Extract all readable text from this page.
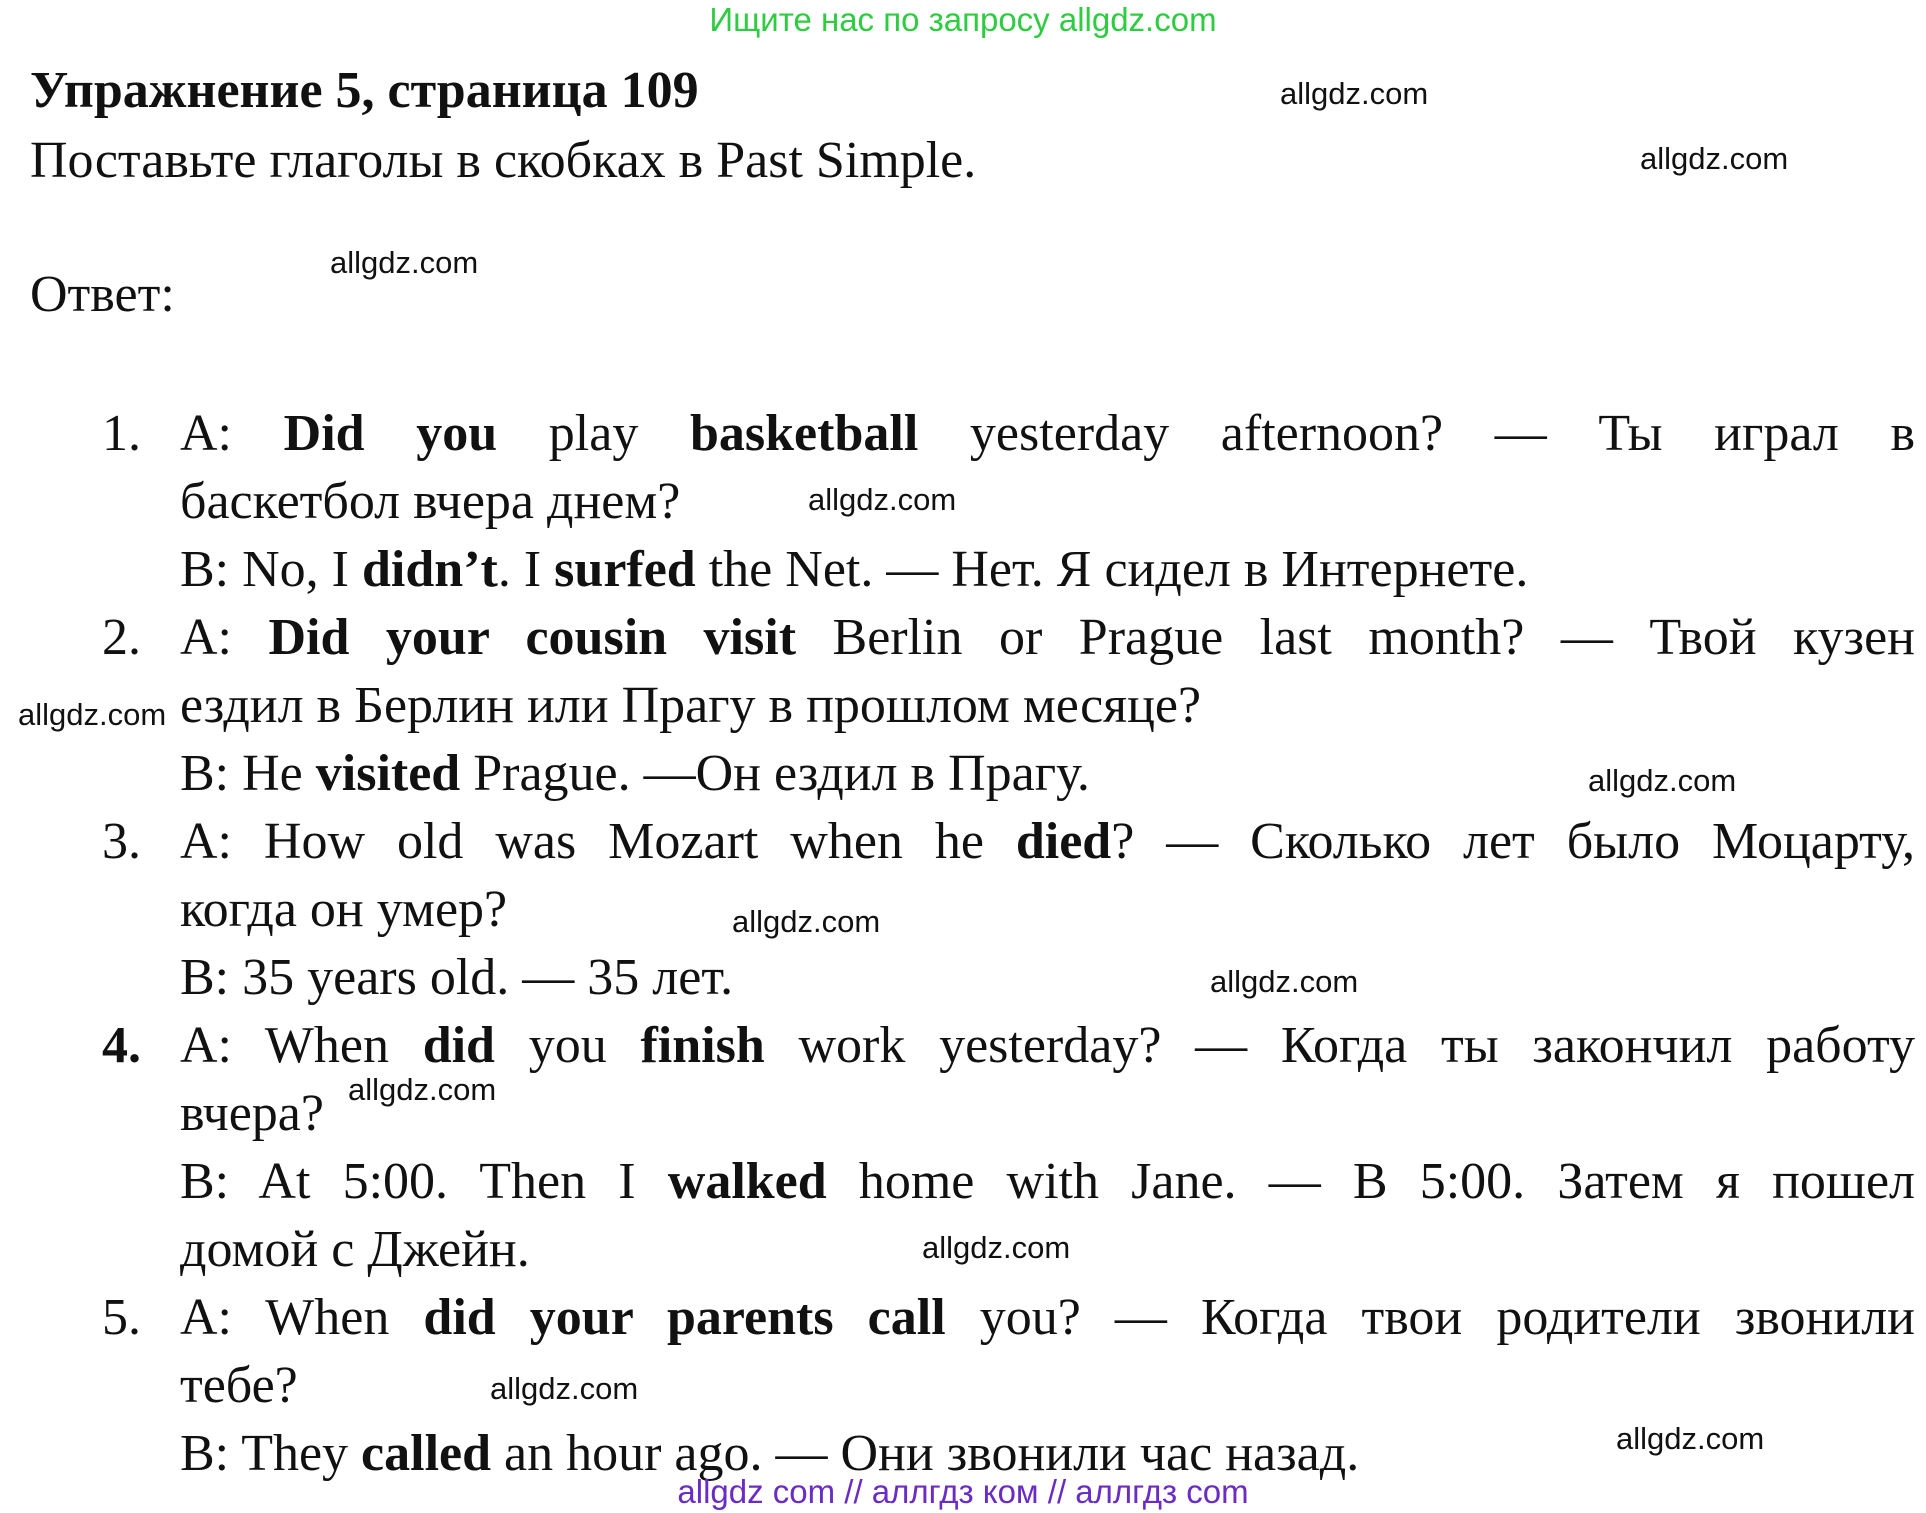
Ищите нас по запросу allgdz.com
Упражнение 5, страница 109
Поставьте глаголы в скобках в Past Simple.
Ответ:
1. A: Did you play basketball yesterday afternoon? — Ты играл в
баскетбол вчера днем?
B: No, I didn’t. I surfed the Net. — Нет. Я сидел в Интернете.
2. A: Did your cousin visit Berlin or Prague last month? — Твой кузен
ездил в Берлин или Прагу в прошлом месяце?
B: He visited Prague. —Он ездил в Прагу.
3. A: How old was Mozart when he died? — Сколько лет было Моцарту,
когда он умер?
B: 35 years old. — 35 лет.
4. A: When did you finish work yesterday? — Когда ты закончил работу
вчера?
B: At 5:00. Then I walked home with Jane. — В 5:00. Затем я пошел
домой с Джейн.
5. A: When did your parents call you? — Когда твои родители звонили
тебе?
B: They called an hour ago. — Они звонили час назад.
allgdz.com
allgdz.com
allgdz.com
allgdz.com
allgdz.com
allgdz.com
allgdz.com
allgdz.com
allgdz.com
allgdz.com
allgdz.com
allgdz.com
allgdz com // аллгдз ком // аллгдз com
